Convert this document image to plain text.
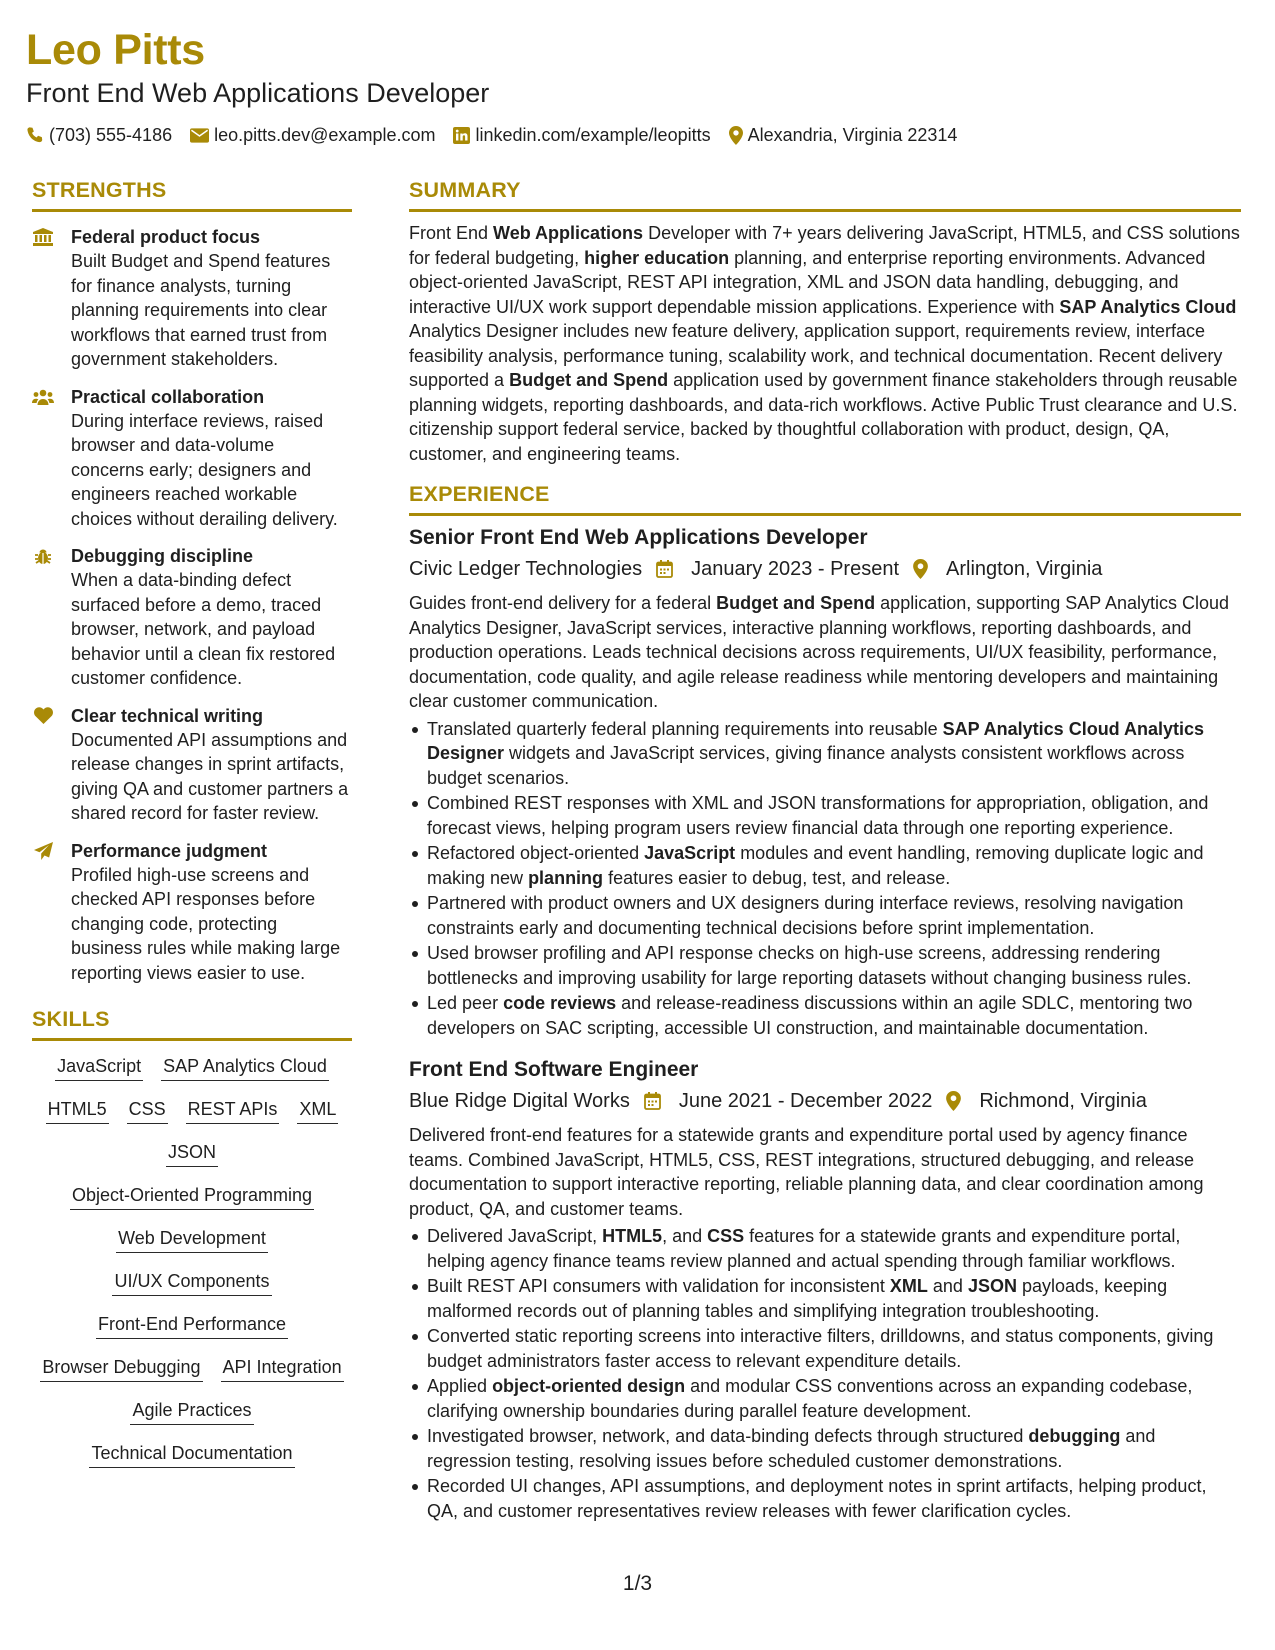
Leo Pitts
Front End Web Applications Developer
(703) 555-4186 leo.pitts.dev@example.com linkedin.com/example/leopitts Alexandria, Virginia 22314
STRENGTHS
Federal product focus
Built Budget and Spend features for finance analysts, turning planning requirements into clear workflows that earned trust from government stakeholders.
Practical collaboration
During interface reviews, raised browser and data-volume concerns early; designers and engineers reached workable choices without derailing delivery.
Debugging discipline
When a data-binding defect surfaced before a demo, traced browser, network, and payload behavior until a clean fix restored customer confidence.
Clear technical writing
Documented API assumptions and release changes in sprint artifacts, giving QA and customer partners a shared record for faster review.
Performance judgment
Profiled high-use screens and checked API responses before changing code, protecting business rules while making large reporting views easier to use.
SKILLS
JavaScript SAP Analytics Cloud
HTML5 CSS REST APIs XML
JSON
Object-Oriented Programming
Web Development
UI/UX Components
Front-End Performance
Browser Debugging API Integration
Agile Practices
Technical Documentation
SUMMARY
Front End Web Applications Developer with 7+ years delivering JavaScript, HTML5, and CSS solutions for federal budgeting, higher education planning, and enterprise reporting environments. Advanced object-oriented JavaScript, REST API integration, XML and JSON data handling, debugging, and interactive UI/UX work support dependable mission applications. Experience with SAP Analytics Cloud Analytics Designer includes new feature delivery, application support, requirements review, interface feasibility analysis, performance tuning, scalability work, and technical documentation. Recent delivery supported a Budget and Spend application used by government finance stakeholders through reusable planning widgets, reporting dashboards, and data-rich workflows. Active Public Trust clearance and U.S. citizenship support federal service, backed by thoughtful collaboration with product, design, QA, customer, and engineering teams.
EXPERIENCE
Senior Front End Web Applications Developer
Civic Ledger Technologies January 2023 - Present Arlington, Virginia
Guides front-end delivery for a federal Budget and Spend application, supporting SAP Analytics Cloud Analytics Designer, JavaScript services, interactive planning workflows, reporting dashboards, and production operations. Leads technical decisions across requirements, UI/UX feasibility, performance, documentation, code quality, and agile release readiness while mentoring developers and maintaining clear customer communication.
Translated quarterly federal planning requirements into reusable SAP Analytics Cloud Analytics Designer widgets and JavaScript services, giving finance analysts consistent workflows across budget scenarios.
Combined REST responses with XML and JSON transformations for appropriation, obligation, and forecast views, helping program users review financial data through one reporting experience.
Refactored object-oriented JavaScript modules and event handling, removing duplicate logic and making new planning features easier to debug, test, and release.
Partnered with product owners and UX designers during interface reviews, resolving navigation constraints early and documenting technical decisions before sprint implementation.
Used browser profiling and API response checks on high-use screens, addressing rendering bottlenecks and improving usability for large reporting datasets without changing business rules.
Led peer code reviews and release-readiness discussions within an agile SDLC, mentoring two developers on SAC scripting, accessible UI construction, and maintainable documentation.
Front End Software Engineer
Blue Ridge Digital Works June 2021 - December 2022 Richmond, Virginia
Delivered front-end features for a statewide grants and expenditure portal used by agency finance teams. Combined JavaScript, HTML5, CSS, REST integrations, structured debugging, and release documentation to support interactive reporting, reliable planning data, and clear coordination among product, QA, and customer teams.
Delivered JavaScript, HTML5, and CSS features for a statewide grants and expenditure portal, helping agency finance teams review planned and actual spending through familiar workflows.
Built REST API consumers with validation for inconsistent XML and JSON payloads, keeping malformed records out of planning tables and simplifying integration troubleshooting.
Converted static reporting screens into interactive filters, drilldowns, and status components, giving budget administrators faster access to relevant expenditure details.
Applied object-oriented design and modular CSS conventions across an expanding codebase, clarifying ownership boundaries during parallel feature development.
Investigated browser, network, and data-binding defects through structured debugging and regression testing, resolving issues before scheduled customer demonstrations.
Recorded UI changes, API assumptions, and deployment notes in sprint artifacts, helping product, QA, and customer representatives review releases with fewer clarification cycles.
1/3
